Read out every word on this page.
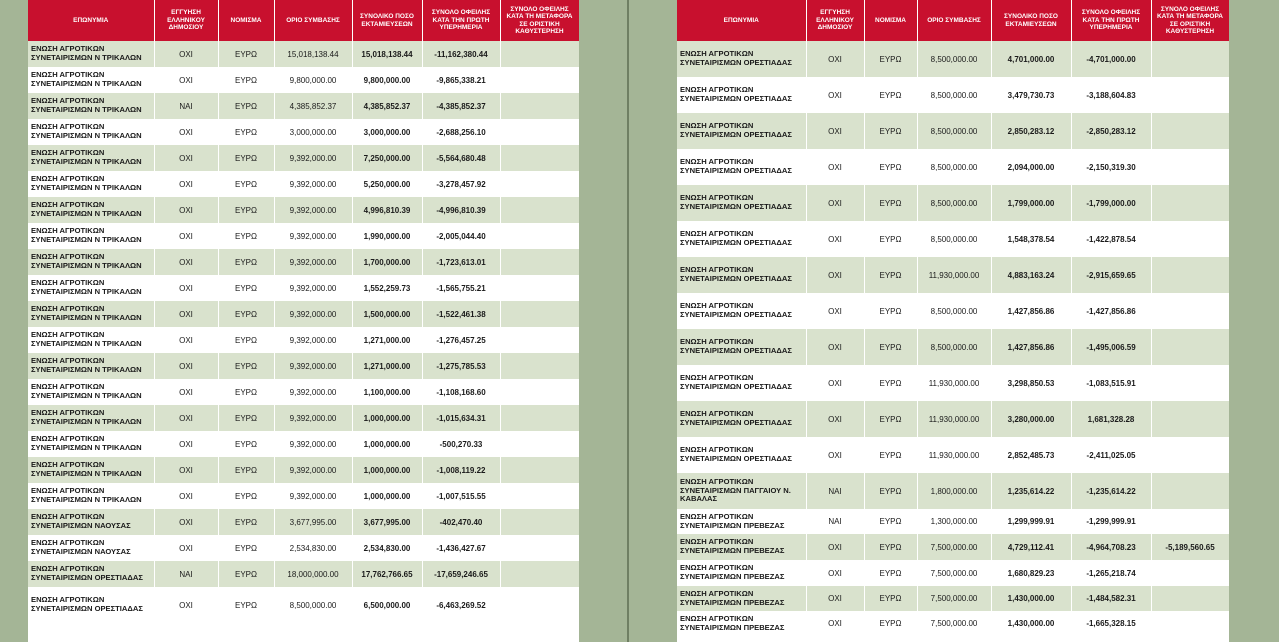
ΕΠΩΝΥΜΙΑ	ΕΓΓΥΗΣΗ ΕΛΛΗΝΙΚΟΥ ΔΗΜΟΣΙΟΥ	ΝΟΜΙΣΜΑ	ΟΡΙΟ ΣΥΜΒΑΣΗΣ	ΣΥΝΟΛΙΚΟ ΠΟΣΟ ΕΚΤΑΜΙΕΥΣΕΩΝ	ΣΥΝΟΛΟ ΟΦΕΙΛΗΣ ΚΑΤΑ ΤΗΝ ΠΡΩΤΗ ΥΠΕΡΗΜΕΡΙΑ	ΣΥΝΟΛΟ ΟΦΕΙΛΗΣ ΚΑΤΑ ΤΗ ΜΕΤΑΦΟΡΑ ΣΕ ΟΡΙΣΤΙΚΗ ΚΑΘΥΣΤΕΡΗΣΗ
ΕΝΩΣΗ ΑΓΡΟΤΙΚΩΝ ΣΥΝΕΤΑΙΡΙΣΜΩΝ Ν ΤΡΙΚΑΛΩΝ	ΟΧΙ	ΕΥΡΩ	15,018,138.44	15,018,138.44	-11,162,380.44	
ΕΝΩΣΗ ΑΓΡΟΤΙΚΩΝ ΣΥΝΕΤΑΙΡΙΣΜΩΝ Ν ΤΡΙΚΑΛΩΝ	ΟΧΙ	ΕΥΡΩ	9,800,000.00	9,800,000.00	-9,865,338.21	
ΕΝΩΣΗ ΑΓΡΟΤΙΚΩΝ ΣΥΝΕΤΑΙΡΙΣΜΩΝ Ν ΤΡΙΚΑΛΩΝ	ΝΑΙ	ΕΥΡΩ	4,385,852.37	4,385,852.37	-4,385,852.37	
ΕΝΩΣΗ ΑΓΡΟΤΙΚΩΝ ΣΥΝΕΤΑΙΡΙΣΜΩΝ Ν ΤΡΙΚΑΛΩΝ	ΟΧΙ	ΕΥΡΩ	3,000,000.00	3,000,000.00	-2,688,256.10	
ΕΝΩΣΗ ΑΓΡΟΤΙΚΩΝ ΣΥΝΕΤΑΙΡΙΣΜΩΝ Ν ΤΡΙΚΑΛΩΝ	ΟΧΙ	ΕΥΡΩ	9,392,000.00	7,250,000.00	-5,564,680.48	
ΕΝΩΣΗ ΑΓΡΟΤΙΚΩΝ ΣΥΝΕΤΑΙΡΙΣΜΩΝ Ν ΤΡΙΚΑΛΩΝ	ΟΧΙ	ΕΥΡΩ	9,392,000.00	5,250,000.00	-3,278,457.92	
ΕΝΩΣΗ ΑΓΡΟΤΙΚΩΝ ΣΥΝΕΤΑΙΡΙΣΜΩΝ Ν ΤΡΙΚΑΛΩΝ	ΟΧΙ	ΕΥΡΩ	9,392,000.00	4,996,810.39	-4,996,810.39	
ΕΝΩΣΗ ΑΓΡΟΤΙΚΩΝ ΣΥΝΕΤΑΙΡΙΣΜΩΝ Ν ΤΡΙΚΑΛΩΝ	ΟΧΙ	ΕΥΡΩ	9,392,000.00	1,990,000.00	-2,005,044.40	
ΕΝΩΣΗ ΑΓΡΟΤΙΚΩΝ ΣΥΝΕΤΑΙΡΙΣΜΩΝ Ν ΤΡΙΚΑΛΩΝ	ΟΧΙ	ΕΥΡΩ	9,392,000.00	1,700,000.00	-1,723,613.01	
ΕΝΩΣΗ ΑΓΡΟΤΙΚΩΝ ΣΥΝΕΤΑΙΡΙΣΜΩΝ Ν ΤΡΙΚΑΛΩΝ	ΟΧΙ	ΕΥΡΩ	9,392,000.00	1,552,259.73	-1,565,755.21	
ΕΝΩΣΗ ΑΓΡΟΤΙΚΩΝ ΣΥΝΕΤΑΙΡΙΣΜΩΝ Ν ΤΡΙΚΑΛΩΝ	ΟΧΙ	ΕΥΡΩ	9,392,000.00	1,500,000.00	-1,522,461.38	
ΕΝΩΣΗ ΑΓΡΟΤΙΚΩΝ ΣΥΝΕΤΑΙΡΙΣΜΩΝ Ν ΤΡΙΚΑΛΩΝ	ΟΧΙ	ΕΥΡΩ	9,392,000.00	1,271,000.00	-1,276,457.25	
ΕΝΩΣΗ ΑΓΡΟΤΙΚΩΝ ΣΥΝΕΤΑΙΡΙΣΜΩΝ Ν ΤΡΙΚΑΛΩΝ	ΟΧΙ	ΕΥΡΩ	9,392,000.00	1,271,000.00	-1,275,785.53	
ΕΝΩΣΗ ΑΓΡΟΤΙΚΩΝ ΣΥΝΕΤΑΙΡΙΣΜΩΝ Ν ΤΡΙΚΑΛΩΝ	ΟΧΙ	ΕΥΡΩ	9,392,000.00	1,100,000.00	-1,108,168.60	
ΕΝΩΣΗ ΑΓΡΟΤΙΚΩΝ ΣΥΝΕΤΑΙΡΙΣΜΩΝ Ν ΤΡΙΚΑΛΩΝ	ΟΧΙ	ΕΥΡΩ	9,392,000.00	1,000,000.00	-1,015,634.31	
ΕΝΩΣΗ ΑΓΡΟΤΙΚΩΝ ΣΥΝΕΤΑΙΡΙΣΜΩΝ Ν ΤΡΙΚΑΛΩΝ	ΟΧΙ	ΕΥΡΩ	9,392,000.00	1,000,000.00	-500,270.33	
ΕΝΩΣΗ ΑΓΡΟΤΙΚΩΝ ΣΥΝΕΤΑΙΡΙΣΜΩΝ Ν ΤΡΙΚΑΛΩΝ	ΟΧΙ	ΕΥΡΩ	9,392,000.00	1,000,000.00	-1,008,119.22	
ΕΝΩΣΗ ΑΓΡΟΤΙΚΩΝ ΣΥΝΕΤΑΙΡΙΣΜΩΝ Ν ΤΡΙΚΑΛΩΝ	ΟΧΙ	ΕΥΡΩ	9,392,000.00	1,000,000.00	-1,007,515.55	
ΕΝΩΣΗ ΑΓΡΟΤΙΚΩΝ ΣΥΝΕΤΑΙΡΙΣΜΩΝ ΝΑΟΥΣΑΣ	ΟΧΙ	ΕΥΡΩ	3,677,995.00	3,677,995.00	-402,470.40	
ΕΝΩΣΗ ΑΓΡΟΤΙΚΩΝ ΣΥΝΕΤΑΙΡΙΣΜΩΝ ΝΑΟΥΣΑΣ	ΟΧΙ	ΕΥΡΩ	2,534,830.00	2,534,830.00	-1,436,427.67	
ΕΝΩΣΗ ΑΓΡΟΤΙΚΩΝ ΣΥΝΕΤΑΙΡΙΣΜΩΝ ΟΡΕΣΤΙΑΔΑΣ	ΝΑΙ	ΕΥΡΩ	18,000,000.00	17,762,766.65	-17,659,246.65	
ΕΝΩΣΗ ΑΓΡΟΤΙΚΩΝ ΣΥΝΕΤΑΙΡΙΣΜΩΝ ΟΡΕΣΤΙΑΔΑΣ	ΟΧΙ	ΕΥΡΩ	8,500,000.00	6,500,000.00	-6,463,269.52	
ΕΠΩΝΥΜΙΑ	ΕΓΓΥΗΣΗ ΕΛΛΗΝΙΚΟΥ ΔΗΜΟΣΙΟΥ	ΝΟΜΙΣΜΑ	ΟΡΙΟ ΣΥΜΒΑΣΗΣ	ΣΥΝΟΛΙΚΟ ΠΟΣΟ ΕΚΤΑΜΙΕΥΣΕΩΝ	ΣΥΝΟΛΟ ΟΦΕΙΛΗΣ ΚΑΤΑ ΤΗΝ ΠΡΩΤΗ ΥΠΕΡΗΜΕΡΙΑ	ΣΥΝΟΛΟ ΟΦΕΙΛΗΣ ΚΑΤΑ ΤΗ ΜΕΤΑΦΟΡΑ ΣΕ ΟΡΙΣΤΙΚΗ ΚΑΘΥΣΤΕΡΗΣΗ
ΕΝΩΣΗ ΑΓΡΟΤΙΚΩΝ ΣΥΝΕΤΑΙΡΙΣΜΩΝ ΟΡΕΣΤΙΑΔΑΣ	ΟΧΙ	ΕΥΡΩ	8,500,000.00	4,701,000.00	-4,701,000.00	
ΕΝΩΣΗ ΑΓΡΟΤΙΚΩΝ ΣΥΝΕΤΑΙΡΙΣΜΩΝ ΟΡΕΣΤΙΑΔΑΣ	ΟΧΙ	ΕΥΡΩ	8,500,000.00	3,479,730.73	-3,188,604.83	
ΕΝΩΣΗ ΑΓΡΟΤΙΚΩΝ ΣΥΝΕΤΑΙΡΙΣΜΩΝ ΟΡΕΣΤΙΑΔΑΣ	ΟΧΙ	ΕΥΡΩ	8,500,000.00	2,850,283.12	-2,850,283.12	
ΕΝΩΣΗ ΑΓΡΟΤΙΚΩΝ ΣΥΝΕΤΑΙΡΙΣΜΩΝ ΟΡΕΣΤΙΑΔΑΣ	ΟΧΙ	ΕΥΡΩ	8,500,000.00	2,094,000.00	-2,150,319.30	
ΕΝΩΣΗ ΑΓΡΟΤΙΚΩΝ ΣΥΝΕΤΑΙΡΙΣΜΩΝ ΟΡΕΣΤΙΑΔΑΣ	ΟΧΙ	ΕΥΡΩ	8,500,000.00	1,799,000.00	-1,799,000.00	
ΕΝΩΣΗ ΑΓΡΟΤΙΚΩΝ ΣΥΝΕΤΑΙΡΙΣΜΩΝ ΟΡΕΣΤΙΑΔΑΣ	ΟΧΙ	ΕΥΡΩ	8,500,000.00	1,548,378.54	-1,422,878.54	
ΕΝΩΣΗ ΑΓΡΟΤΙΚΩΝ ΣΥΝΕΤΑΙΡΙΣΜΩΝ ΟΡΕΣΤΙΑΔΑΣ	ΟΧΙ	ΕΥΡΩ	11,930,000.00	4,883,163.24	-2,915,659.65	
ΕΝΩΣΗ ΑΓΡΟΤΙΚΩΝ ΣΥΝΕΤΑΙΡΙΣΜΩΝ ΟΡΕΣΤΙΑΔΑΣ	ΟΧΙ	ΕΥΡΩ	8,500,000.00	1,427,856.86	-1,427,856.86	
ΕΝΩΣΗ ΑΓΡΟΤΙΚΩΝ ΣΥΝΕΤΑΙΡΙΣΜΩΝ ΟΡΕΣΤΙΑΔΑΣ	ΟΧΙ	ΕΥΡΩ	8,500,000.00	1,427,856.86	-1,495,006.59	
ΕΝΩΣΗ ΑΓΡΟΤΙΚΩΝ ΣΥΝΕΤΑΙΡΙΣΜΩΝ ΟΡΕΣΤΙΑΔΑΣ	ΟΧΙ	ΕΥΡΩ	11,930,000.00	3,298,850.53	-1,083,515.91	
ΕΝΩΣΗ ΑΓΡΟΤΙΚΩΝ ΣΥΝΕΤΑΙΡΙΣΜΩΝ ΟΡΕΣΤΙΑΔΑΣ	ΟΧΙ	ΕΥΡΩ	11,930,000.00	3,280,000.00	1,681,328.28	
ΕΝΩΣΗ ΑΓΡΟΤΙΚΩΝ ΣΥΝΕΤΑΙΡΙΣΜΩΝ ΟΡΕΣΤΙΑΔΑΣ	ΟΧΙ	ΕΥΡΩ	11,930,000.00	2,852,485.73	-2,411,025.05	
ΕΝΩΣΗ ΑΓΡΟΤΙΚΩΝ ΣΥΝΕΤΑΙΡΙΣΜΩΝ ΠΑΓΓΑΙΟΥ Ν. ΚΑΒΑΛΑΣ	ΝΑΙ	ΕΥΡΩ	1,800,000.00	1,235,614.22	-1,235,614.22	
ΕΝΩΣΗ ΑΓΡΟΤΙΚΩΝ ΣΥΝΕΤΑΙΡΙΣΜΩΝ ΠΡΕΒΕΖΑΣ	ΝΑΙ	ΕΥΡΩ	1,300,000.00	1,299,999.91	-1,299,999.91	
ΕΝΩΣΗ ΑΓΡΟΤΙΚΩΝ ΣΥΝΕΤΑΙΡΙΣΜΩΝ ΠΡΕΒΕΖΑΣ	ΟΧΙ	ΕΥΡΩ	7,500,000.00	4,729,112.41	-4,964,708.23	-5,189,560.65
ΕΝΩΣΗ ΑΓΡΟΤΙΚΩΝ ΣΥΝΕΤΑΙΡΙΣΜΩΝ ΠΡΕΒΕΖΑΣ	ΟΧΙ	ΕΥΡΩ	7,500,000.00	1,680,829.23	-1,265,218.74	
ΕΝΩΣΗ ΑΓΡΟΤΙΚΩΝ ΣΥΝΕΤΑΙΡΙΣΜΩΝ ΠΡΕΒΕΖΑΣ	ΟΧΙ	ΕΥΡΩ	7,500,000.00	1,430,000.00	-1,484,582.31	
ΕΝΩΣΗ ΑΓΡΟΤΙΚΩΝ ΣΥΝΕΤΑΙΡΙΣΜΩΝ ΠΡΕΒΕΖΑΣ	ΟΧΙ	ΕΥΡΩ	7,500,000.00	1,430,000.00	-1,665,328.15	
